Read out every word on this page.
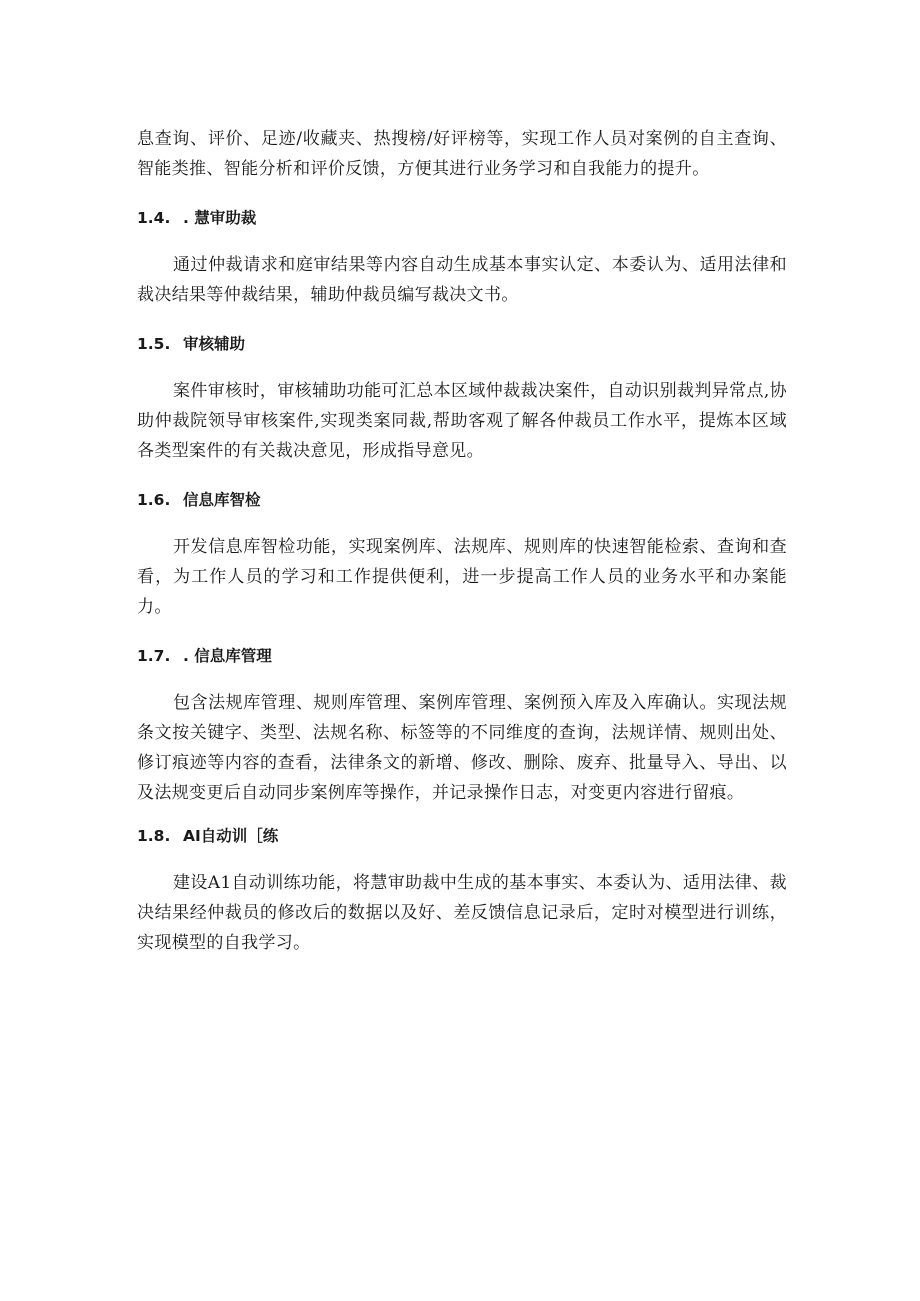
息查询、评价、足迹/收藏夹、热搜榜/好评榜等，实现工作人员对案例的自主查询、智能类推、智能分析和评价反馈，方便其进行业务学习和自我能力的提升。

1.4. . 慧审助裁

通过仲裁请求和庭审结果等内容自动生成基本事实认定、本委认为、适用法律和裁决结果等仲裁结果，辅助仲裁员编写裁决文书。

1.5. 审核辅助

案件审核时，审核辅助功能可汇总本区域仲裁裁决案件，自动识别裁判异常点,协助仲裁院领导审核案件,实现类案同裁,帮助客观了解各仲裁员工作水平，提炼本区域各类型案件的有关裁决意见，形成指导意见。

1.6. 信息库智检

开发信息库智检功能，实现案例库、法规库、规则库的快速智能检索、查询和查看，为工作人员的学习和工作提供便利，进一步提高工作人员的业务水平和办案能力。

1.7. . 信息库管理

包含法规库管理、规则库管理、案例库管理、案例预入库及入库确认。实现法规条文按关键字、类型、法规名称、标签等的不同维度的查询，法规详情、规则出处、修订痕迹等内容的查看，法律条文的新增、修改、删除、废弃、批量导入、导出、以及法规变更后自动同步案例库等操作，并记录操作日志，对变更内容进行留痕。

1.8. AI自动训［练

建设A1自动训练功能，将慧审助裁中生成的基本事实、本委认为、适用法律、裁决结果经仲裁员的修改后的数据以及好、差反馈信息记录后，定时对模型进行训练，实现模型的自我学习。
